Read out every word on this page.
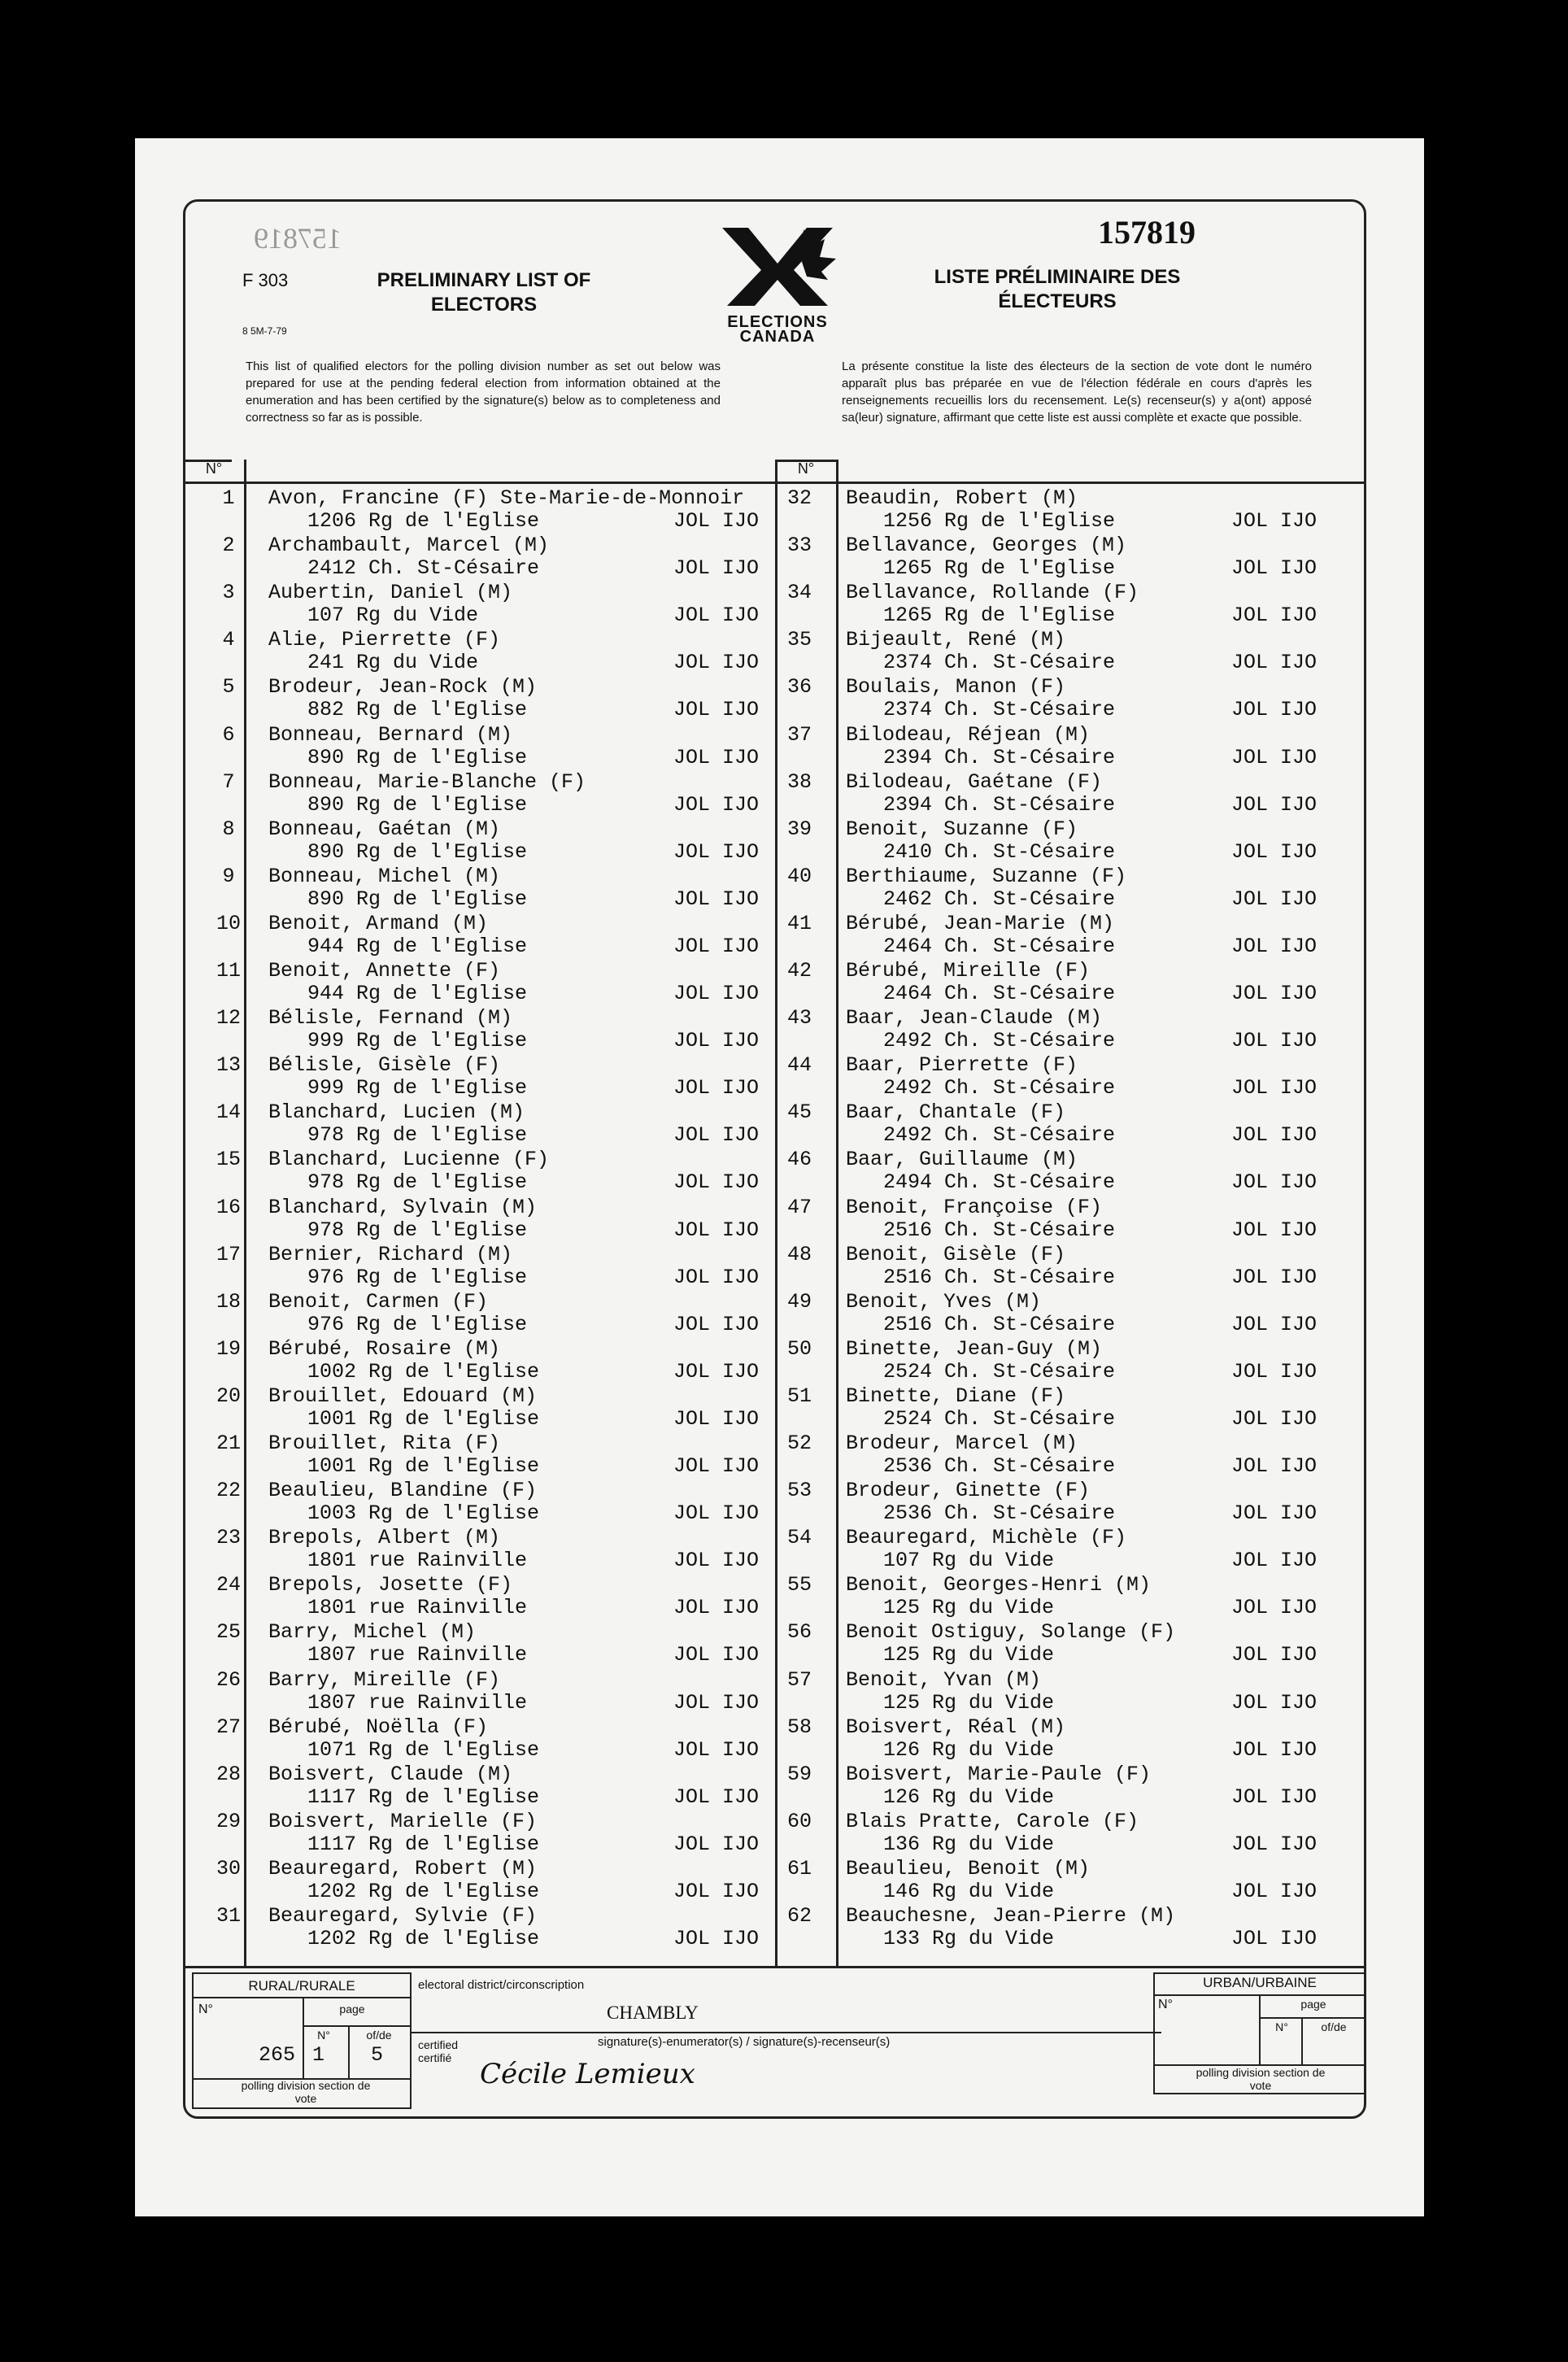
157819	157819
F 303
8 5M-7-79
PRELIMINARY LIST OF ELECTORS
LISTE PRÉLIMINAIRE DES ÉLECTEURS
ELECTIONS CANADA
This list of qualified electors for the polling division number as set out below was prepared for use at the pending federal election from information obtained at the enumeration and has been certified by the signature(s) below as to completeness and correctness so far as is possible.
La présente constitue la liste des électeurs de la section de vote dont le numéro apparaît plus bas préparée en vue de l'élection fédérale en cours d'après les renseignements recueillis lors du recensement. Le(s) recenseur(s) y a(ont) apposé sa(leur) signature, affirmant que cette liste est aussi complète et exacte que possible.
N°	N°
1	Avon, Francine (F) Ste-Marie-de-Monnoir
1206 Rg de l'Eglise	JOL IJO
2	Archambault, Marcel (M)
2412 Ch. St-Césaire	JOL IJO
3	Aubertin, Daniel (M)
107 Rg du Vide	JOL IJO
4	Alie, Pierrette (F)
241 Rg du Vide	JOL IJO
5	Brodeur, Jean-Rock (M)
882 Rg de l'Eglise	JOL IJO
6	Bonneau, Bernard (M)
890 Rg de l'Eglise	JOL IJO
7	Bonneau, Marie-Blanche (F)
890 Rg de l'Eglise	JOL IJO
8	Bonneau, Gaétan (M)
890 Rg de l'Eglise	JOL IJO
9	Bonneau, Michel (M)
890 Rg de l'Eglise	JOL IJO
10	Benoit, Armand (M)
944 Rg de l'Eglise	JOL IJO
11	Benoit, Annette (F)
944 Rg de l'Eglise	JOL IJO
12	Bélisle, Fernand (M)
999 Rg de l'Eglise	JOL IJO
13	Bélisle, Gisèle (F)
999 Rg de l'Eglise	JOL IJO
14	Blanchard, Lucien (M)
978 Rg de l'Eglise	JOL IJO
15	Blanchard, Lucienne (F)
978 Rg de l'Eglise	JOL IJO
16	Blanchard, Sylvain (M)
978 Rg de l'Eglise	JOL IJO
17	Bernier, Richard (M)
976 Rg de l'Eglise	JOL IJO
18	Benoit, Carmen (F)
976 Rg de l'Eglise	JOL IJO
19	Bérubé, Rosaire (M)
1002 Rg de l'Eglise	JOL IJO
20	Brouillet, Edouard (M)
1001 Rg de l'Eglise	JOL IJO
21	Brouillet, Rita (F)
1001 Rg de l'Eglise	JOL IJO
22	Beaulieu, Blandine (F)
1003 Rg de l'Eglise	JOL IJO
23	Brepols, Albert (M)
1801 rue Rainville	JOL IJO
24	Brepols, Josette (F)
1801 rue Rainville	JOL IJO
25	Barry, Michel (M)
1807 rue Rainville	JOL IJO
26	Barry, Mireille (F)
1807 rue Rainville	JOL IJO
27	Bérubé, Noëlla (F)
1071 Rg de l'Eglise	JOL IJO
28	Boisvert, Claude (M)
1117 Rg de l'Eglise	JOL IJO
29	Boisvert, Marielle (F)
1117 Rg de l'Eglise	JOL IJO
30	Beauregard, Robert (M)
1202 Rg de l'Eglise	JOL IJO
31	Beauregard, Sylvie (F)
1202 Rg de l'Eglise	JOL IJO
32	Beaudin, Robert (M)
1256 Rg de l'Eglise	JOL IJO
33	Bellavance, Georges (M)
1265 Rg de l'Eglise	JOL IJO
34	Bellavance, Rollande (F)
1265 Rg de l'Eglise	JOL IJO
35	Bijeault, René (M)
2374 Ch. St-Césaire	JOL IJO
36	Boulais, Manon (F)
2374 Ch. St-Césaire	JOL IJO
37	Bilodeau, Réjean (M)
2394 Ch. St-Césaire	JOL IJO
38	Bilodeau, Gaétane (F)
2394 Ch. St-Césaire	JOL IJO
39	Benoit, Suzanne (F)
2410 Ch. St-Césaire	JOL IJO
40	Berthiaume, Suzanne (F)
2462 Ch. St-Césaire	JOL IJO
41	Bérubé, Jean-Marie (M)
2464 Ch. St-Césaire	JOL IJO
42	Bérubé, Mireille (F)
2464 Ch. St-Césaire	JOL IJO
43	Baar, Jean-Claude (M)
2492 Ch. St-Césaire	JOL IJO
44	Baar, Pierrette (F)
2492 Ch. St-Césaire	JOL IJO
45	Baar, Chantale (F)
2492 Ch. St-Césaire	JOL IJO
46	Baar, Guillaume (M)
2494 Ch. St-Césaire	JOL IJO
47	Benoit, Françoise (F)
2516 Ch. St-Césaire	JOL IJO
48	Benoit, Gisèle (F)
2516 Ch. St-Césaire	JOL IJO
49	Benoit, Yves (M)
2516 Ch. St-Césaire	JOL IJO
50	Binette, Jean-Guy (M)
2524 Ch. St-Césaire	JOL IJO
51	Binette, Diane (F)
2524 Ch. St-Césaire	JOL IJO
52	Brodeur, Marcel (M)
2536 Ch. St-Césaire	JOL IJO
53	Brodeur, Ginette (F)
2536 Ch. St-Césaire	JOL IJO
54	Beauregard, Michèle (F)
107 Rg du Vide	JOL IJO
55	Benoit, Georges-Henri (M)
125 Rg du Vide	JOL IJO
56	Benoit Ostiguy, Solange (F)
125 Rg du Vide	JOL IJO
57	Benoit, Yvan (M)
125 Rg du Vide	JOL IJO
58	Boisvert, Réal (M)
126 Rg du Vide	JOL IJO
59	Boisvert, Marie-Paule (F)
126 Rg du Vide	JOL IJO
60	Blais Pratte, Carole (F)
136 Rg du Vide	JOL IJO
61	Beaulieu, Benoit (M)
146 Rg du Vide	JOL IJO
62	Beauchesne, Jean-Pierre (M)
133 Rg du Vide	JOL IJO
RURAL/RURALE
N°	page
N°	of/de
265 1 5
polling division section de vote
electoral district/circonscription
CHAMBLY
certified certifié
signature(s)-enumerator(s) / signature(s)-recenseur(s)
Cécile Lemieux
URBAN/URBAINE
N°	page
N°	of/de
polling division section de vote
